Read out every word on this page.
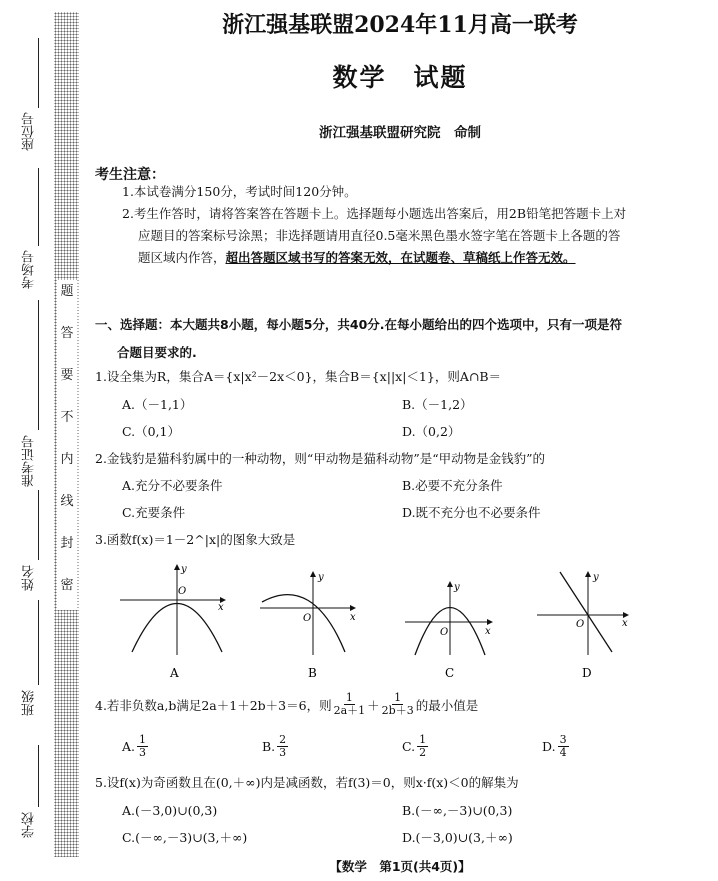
座位号
考场号
准考证号
姓名
班级
学校
题
答
要
不
内
线
封
密
浙江强基联盟2024年11月高一联考
数学　试题
浙江强基联盟研究院　命制
考生注意：
1.本试卷满分150分，考试时间120分钟。
2.考生作答时，请将答案答在答题卡上。选择题每小题选出答案后，用2B铅笔把答题卡上对
应题目的答案标号涂黑；非选择题请用直径0.5毫米黑色墨水签字笔在答题卡上各题的答
题区域内作答，超出答题区域书写的答案无效，在试题卷、草稿纸上作答无效。
一、选择题：本大题共8小题，每小题5分，共40分.在每小题给出的四个选项中，只有一项是符
合题目要求的.
1.设全集为R，集合A＝{x|x²－2x＜0}，集合B＝{x||x|＜1}，则A∩B＝
A.（－1,1）	B.（－1,2）
C.（0,1）	D.（0,2）
2.金钱豹是猫科豹属中的一种动物，则“甲动物是猫科动物”是“甲动物是金钱豹”的
A.充分不必要条件	B.必要不充分条件
C.充要条件	D.既不充分也不必要条件
3.函数f(x)＝1－2^|x|的图象大致是
x
y
O
x
y
O
x
y
O
x
y
O
A	B	C	D
4.若非负数a,b满足2a＋1＋2b＋3＝6，则 $\frac{1}{2a+1} + \frac{1}{2b+3}$ 的最小值是
A. $\frac{1}{3}$	B. $\frac{2}{3}$	C. $\frac{1}{2}$	D. $\frac{3}{4}$
5.设f(x)为奇函数且在(0,＋∞)内是减函数，若f(3)＝0，则x·f(x)＜0的解集为
A.(－3,0)∪(0,3)	B.(－∞,－3)∪(0,3)
C.(－∞,－3)∪(3,＋∞)	D.(－3,0)∪(3,＋∞)
【数学　第1页(共4页)】
